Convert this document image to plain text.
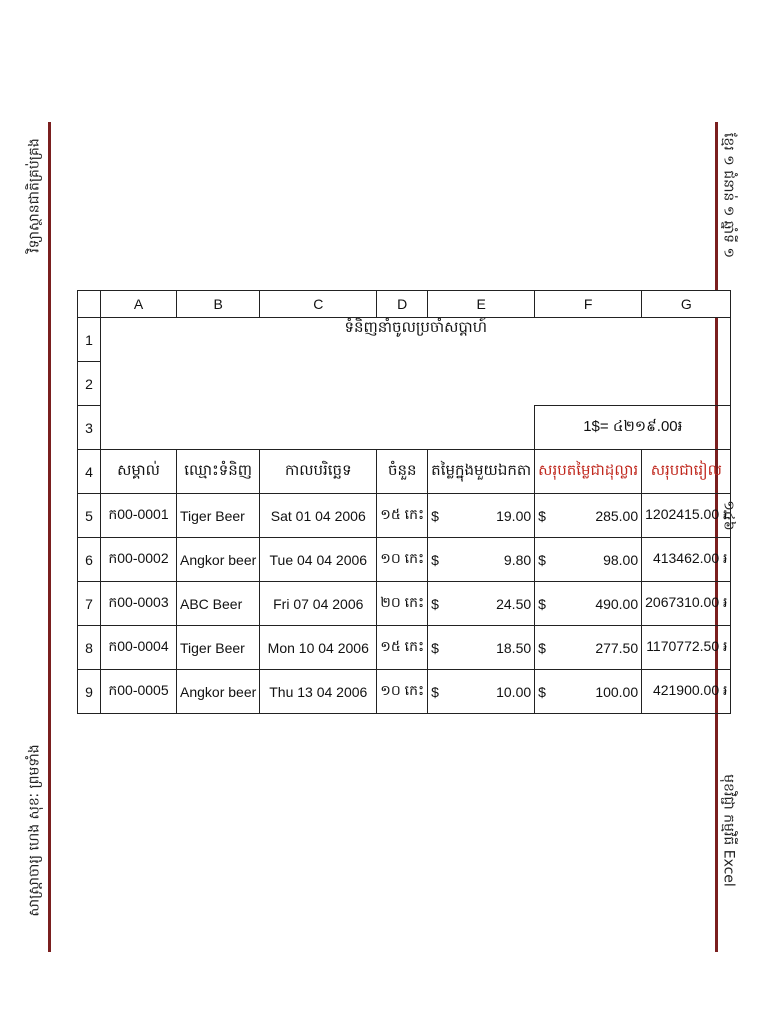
វិទ្យាស្ថានជាតិគ្រប់គ្រង
សាស្ត្រាចារ្យ ហេង សុខៈ ព្រមទាំង
ខ្មែរ ១ ជំនាន់ ១ ឆ្នាំទី ១
១៤៦
មុខវិជ្ជា កម្មវិធី Excel
	A	B	C	D	E	F	G
1	ទំនិញនាំចូលប្រចាំសប្តាហ៍						
2							
3						1$= ៤២១៩.00៛	
4	សម្គាល់	ឈ្មោះទំនិញ	កាលបរិច្ឆេទ	ចំនួន	តម្លៃក្នុងមួយឯកតា	សរុបតម្លៃជាដុល្លារ	សរុបជារៀល
5	ក00-0001	Tiger Beer	Sat 01 04 2006	១៥ កេះ	$ 19.00	$ 285.00	1202415.00 ៛
6	ក00-0002	Angkor beer	Tue 04 04 2006	១០ កេះ	$ 9.80	$ 98.00	413462.00 ៛
7	ក00-0003	ABC Beer	Fri 07 04 2006	២០ កេះ	$ 24.50	$ 490.00	2067310.00 ៛
8	ក00-0004	Tiger Beer	Mon 10 04 2006	១៥ កេះ	$ 18.50	$ 277.50	1170772.50 ៛
9	ក00-0005	Angkor beer	Thu 13 04 2006	១០ កេះ	$ 10.00	$ 100.00	421900.00 ៛
